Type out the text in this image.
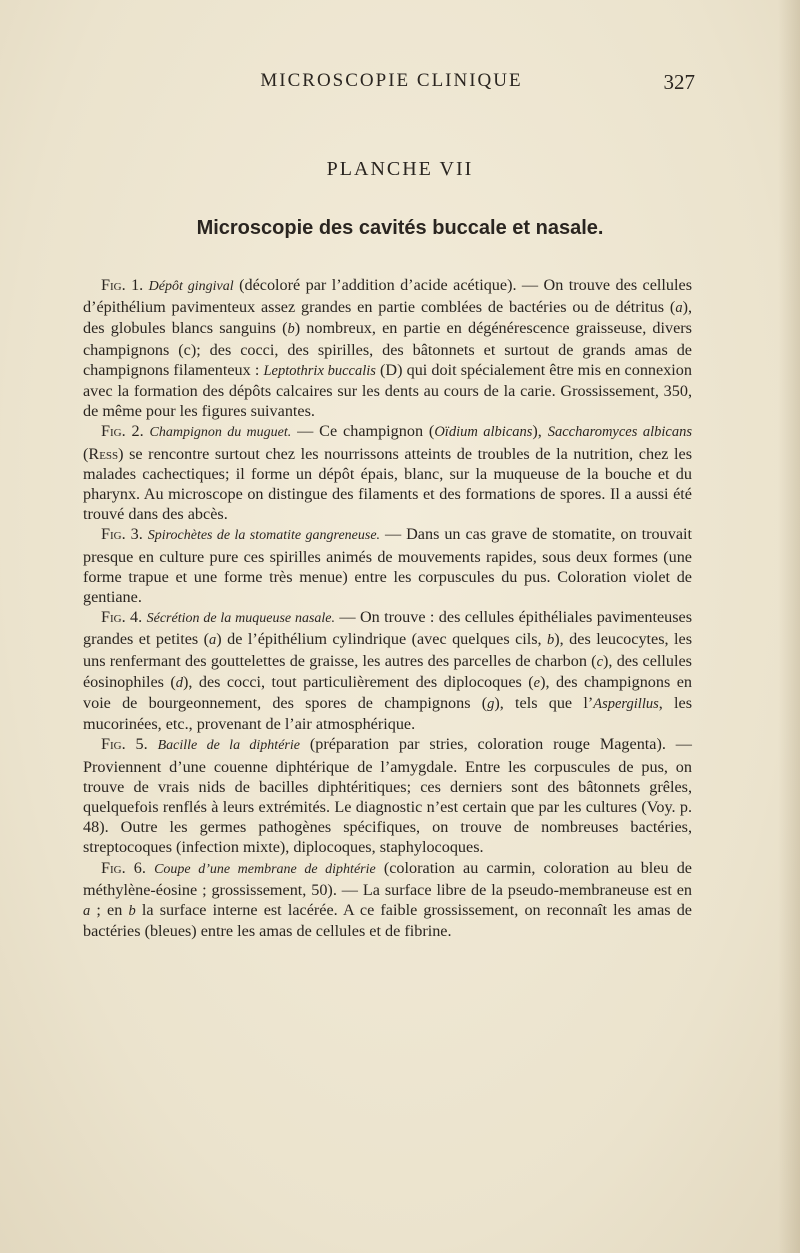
MICROSCOPIE CLINIQUE	327
PLANCHE VII
Microscopie des cavités buccale et nasale.

Fig. 1. Dépôt gingival (décoloré par l’addition d’acide acétique). — On trouve des cellules d’épithélium pavimenteux assez grandes en partie comblées de bactéries ou de détritus (a), des globules blancs sanguins (b) nombreux, en partie en dégénérescence graisseuse, divers champignons (c); des cocci, des spirilles, des bâtonnets et surtout de grands amas de champignons filamenteux : Leptothrix buccalis (D) qui doit spécialement être mis en connexion avec la formation des dépôts calcaires sur les dents au cours de la carie. Grossissement, 350, de même pour les figures suivantes.

Fig. 2. Champignon du muguet. — Ce champignon (Oïdium albicans), Saccharomyces albicans (Ress) se rencontre surtout chez les nourrissons atteints de troubles de la nutrition, chez les malades cachectiques; il forme un dépôt épais, blanc, sur la muqueuse de la bouche et du pharynx. Au microscope on distingue des filaments et des formations de spores. Il a aussi été trouvé dans des abcès.

Fig. 3. Spirochètes de la stomatite gangreneuse. — Dans un cas grave de stomatite, on trouvait presque en culture pure ces spirilles animés de mouvements rapides, sous deux formes (une forme trapue et une forme très menue) entre les corpuscules du pus. Coloration violet de gentiane.

Fig. 4. Sécrétion de la muqueuse nasale. — On trouve : des cellules épithéliales pavimenteuses grandes et petites (a) de l’épithélium cylindrique (avec quelques cils, b), des leucocytes, les uns renfermant des gouttelettes de graisse, les autres des parcelles de charbon (c), des cellules éosinophiles (d), des cocci, tout particulièrement des diplocoques (e), des champignons en voie de bourgeonnement, des spores de champignons (g), tels que l’Aspergillus, les mucorinées, etc., provenant de l’air atmosphérique.

Fig. 5. Bacille de la diphtérie (préparation par stries, coloration rouge Magenta). — Proviennent d’une couenne diphtérique de l’amygdale. Entre les corpuscules de pus, on trouve de vrais nids de bacilles diphtéritiques; ces derniers sont des bâtonnets grêles, quelquefois renflés à leurs extrémités. Le diagnostic n’est certain que par les cultures (Voy. p. 48). Outre les germes pathogènes spécifiques, on trouve de nombreuses bactéries, streptocoques (infection mixte), diplocoques, staphylocoques.

Fig. 6. Coupe d’une membrane de diphtérie (coloration au carmin, coloration au bleu de méthylène-éosine ; grossissement, 50). — La surface libre de la pseudo-membraneuse est en a ; en b la surface interne est lacérée. A ce faible grossissement, on reconnaît les amas de bactéries (bleues) entre les amas de cellules et de fibrine.
